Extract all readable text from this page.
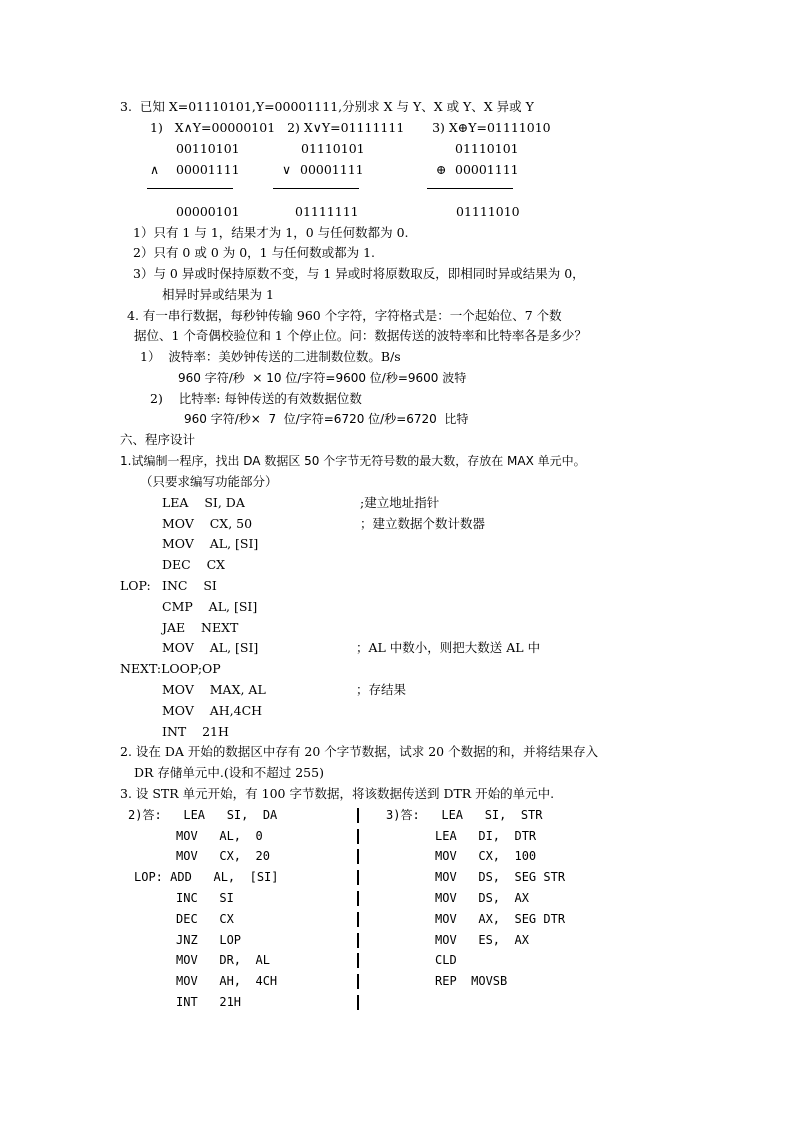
3.  已知 X=01110101,Y=00001111,分别求 X 与 Y、X 或 Y、X 异或 Y
1)   X∧Y=00000101   2) X∨Y=01111111       3) X⊕Y=01111010
00110101	01110101	01110101
∧ 00001111	∨ 00001111	⊕ 00001111
00000101	01111111	01111010
1）只有 1 与 1，结果才为 1，0 与任何数都为 0.
2）只有 0 或 0 为 0，1 与任何数或都为 1.
3）与 0 异或时保持原数不变，与 1 异或时将原数取反，即相同时异或结果为 0，
相异时异或结果为 1
4. 有一串行数据，每秒钟传输 960 个字符，字符格式是：一个起始位、7 个数
据位、1 个奇偶校验位和 1 个停止位。问：数据传送的波特率和比特率各是多少？
1）  波特率：美妙钟传送的二进制数位数。B/s
960 字符/秒  × 10 位/字符=9600 位/秒=9600 波特
2)    比特率: 每钟传送的有效数据位数
960 字符/秒×  7  位/字符=6720 位/秒=6720  比特
六、程序设计
1.试编制一程序，找出 DA 数据区 50 个字节无符号数的最大数，存放在 MAX 单元中。
（只要求编写功能部分）
LEA    SI, DA	;建立地址指针
MOV    CX, 50	；建立数据个数计数器
MOV    AL, [SI]
DEC    CX
LOP: INC    SI
CMP    AL, [SI]
JAE    NEXT
MOV    AL, [SI]	；AL 中数小，则把大数送 AL 中
NEXT:LOOP;OP
MOV    MAX, AL	；存结果
MOV    AH,4CH
INT    21H
2. 设在 DA 开始的数据区中存有 20 个字节数据，试求 20 个数据的和，并将结果存入
DR 存储单元中.(设和不超过 255)
3. 设 STR 单元开始，有 100 字节数据，将该数据传送到 DTR 开始的单元中.
2)答:   LEA   SI,  DA
MOV   AL,  0
MOV   CX,  20
LOP: ADD   AL,  [SI]
INC   SI
DEC   CX
JNZ   LOP
MOV   DR,  AL
MOV   AH,  4CH
INT   21H
3)答:   LEA   SI,  STR
LEA   DI,  DTR
MOV   CX,  100
MOV   DS,  SEG STR
MOV   DS,  AX
MOV   AX,  SEG DTR
MOV   ES,  AX
CLD
REP  MOVSB
